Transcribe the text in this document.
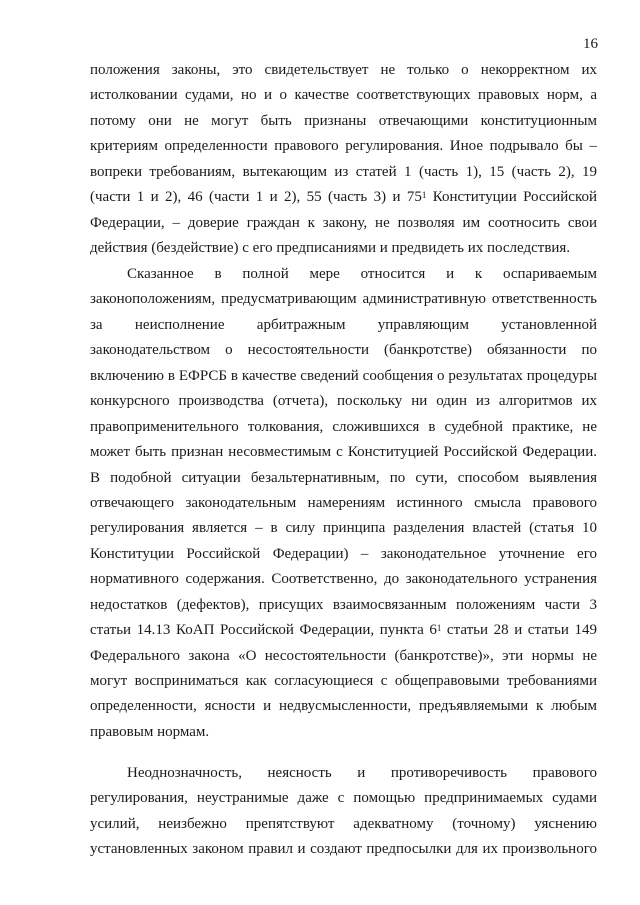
16
положения законы, это свидетельствует не только о некорректном их
истолковании судами, но и о качестве соответствующих правовых норм, а
потому они не могут быть признаны отвечающими конституционным
критериям определенности правового регулирования. Иное подрывало бы –
вопреки требованиям, вытекающим из статей 1 (часть 1), 15 (часть 2), 19
(части 1 и 2), 46 (части 1 и 2), 55 (часть 3) и $75^1$ Конституции Российской
Федерации, – доверие граждан к закону, не позволяя им соотносить свои
действия (бездействие) с его предписаниями и предвидеть их последствия.
Сказанное в полной мере относится и к оспариваемым
законоположениям, предусматривающим административную ответственность
за неисполнение арбитражным управляющим установленной
законодательством о несостоятельности (банкротстве) обязанности по
включению в ЕФРСБ в качестве сведений сообщения о результатах процедуры
конкурсного производства (отчета), поскольку ни один из алгоритмов их
правоприменительного толкования, сложившихся в судебной практике, не
может быть признан несовместимым с Конституцией Российской Федерации.
В подобной ситуации безальтернативным, по сути, способом выявления
отвечающего законодательным намерениям истинного смысла правового
регулирования является – в силу принципа разделения властей (статья 10
Конституции Российской Федерации) – законодательное уточнение его
нормативного содержания. Соответственно, до законодательного устранения
недостатков (дефектов), присущих взаимосвязанным положениям части 3
статьи 14.13 КоАП Российской Федерации, пункта $6^1$ статьи 28 и статьи 149
Федерального закона «О несостоятельности (банкротстве)», эти нормы не
могут восприниматься как согласующиеся с общеправовыми требованиями
определенности, ясности и недвусмысленности, предъявляемыми к любым
правовым нормам.
Неоднозначность, неясность и противоречивость правового
регулирования, неустранимые даже с помощью предпринимаемых судами
усилий, неизбежно препятствуют адекватному (точному) уяснению
установленных законом правил и создают предпосылки для их произвольного
